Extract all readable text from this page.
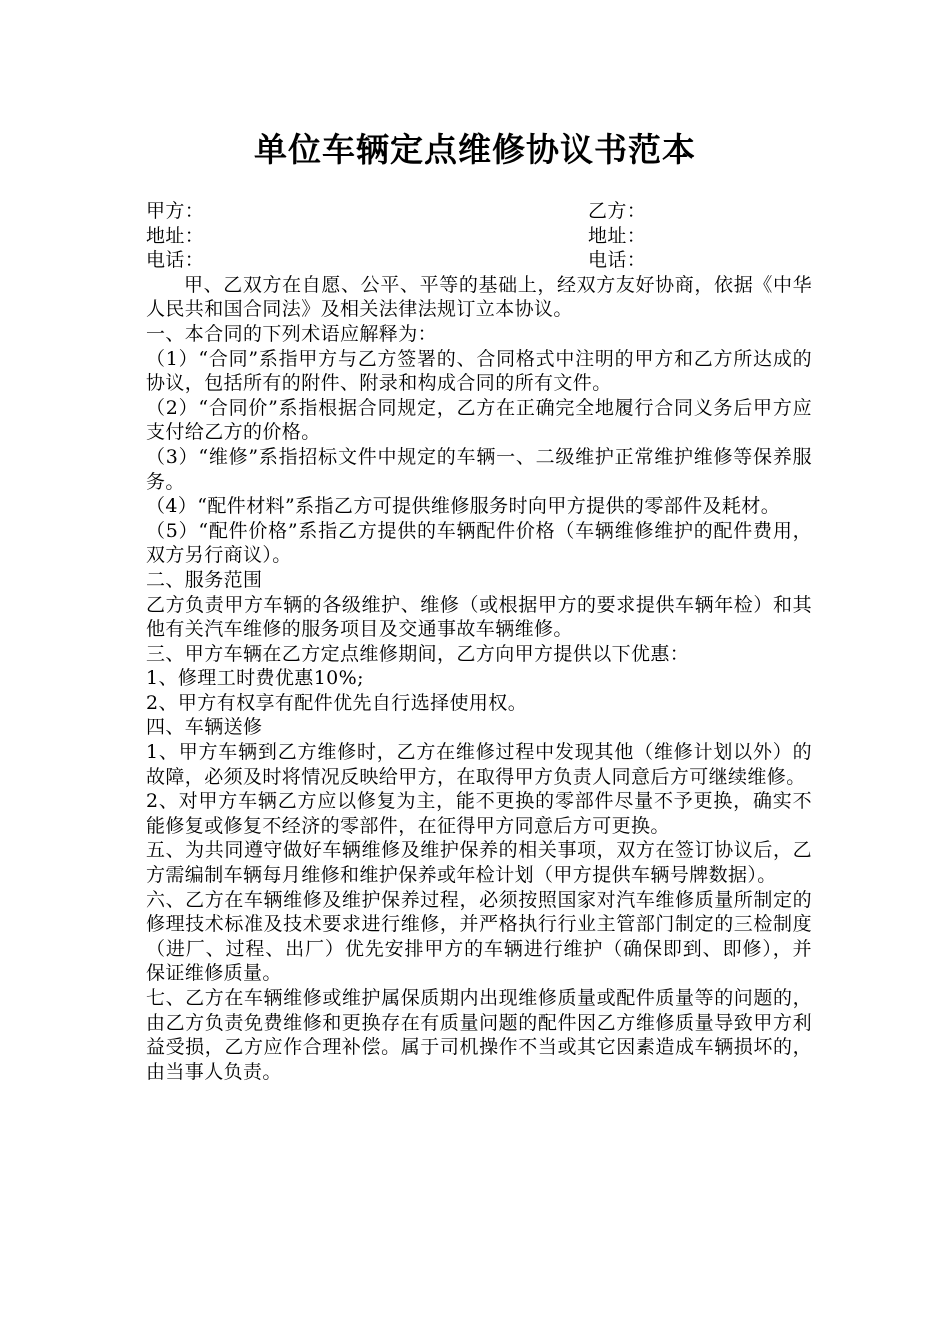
单位车辆定点维修协议书范本
甲方：	乙方：
地址：	地址：
电话：	电话：

甲、乙双方在自愿、公平、平等的基础上，经双方友好协商，依据《中华人民共和国合同法》及相关法律法规订立本协议。

一、本合同的下列术语应解释为：

（1）“合同”系指甲方与乙方签署的、合同格式中注明的甲方和乙方所达成的协议，包括所有的附件、附录和构成合同的所有文件。

（2）“合同价”系指根据合同规定，乙方在正确完全地履行合同义务后甲方应支付给乙方的价格。

（3）“维修”系指招标文件中规定的车辆一、二级维护正常维护维修等保养服务。

（4）“配件材料”系指乙方可提供维修服务时向甲方提供的零部件及耗材。

（5）“配件价格”系指乙方提供的车辆配件价格（车辆维修维护的配件费用，双方另行商议）。

二、服务范围

乙方负责甲方车辆的各级维护、维修（或根据甲方的要求提供车辆年检）和其他有关汽车维修的服务项目及交通事故车辆维修。

三、甲方车辆在乙方定点维修期间，乙方向甲方提供以下优惠：

1、修理工时费优惠10%;

2、甲方有权享有配件优先自行选择使用权。

四、车辆送修

1、甲方车辆到乙方维修时，乙方在维修过程中发现其他（维修计划以外）的故障，必须及时将情况反映给甲方，在取得甲方负责人同意后方可继续维修。

2、对甲方车辆乙方应以修复为主，能不更换的零部件尽量不予更换，确实不能修复或修复不经济的零部件，在征得甲方同意后方可更换。

五、为共同遵守做好车辆维修及维护保养的相关事项，双方在签订协议后，乙方需编制车辆每月维修和维护保养或年检计划（甲方提供车辆号牌数据）。

六、乙方在车辆维修及维护保养过程，必须按照国家对汽车维修质量所制定的修理技术标准及技术要求进行维修，并严格执行行业主管部门制定的三检制度（进厂、过程、出厂）优先安排甲方的车辆进行维护（确保即到、即修），并保证维修质量。

七、乙方在车辆维修或维护属保质期内出现维修质量或配件质量等的问题的，由乙方负责免费维修和更换存在有质量问题的配件因乙方维修质量导致甲方利益受损，乙方应作合理补偿。属于司机操作不当或其它因素造成车辆损坏的，由当事人负责。
